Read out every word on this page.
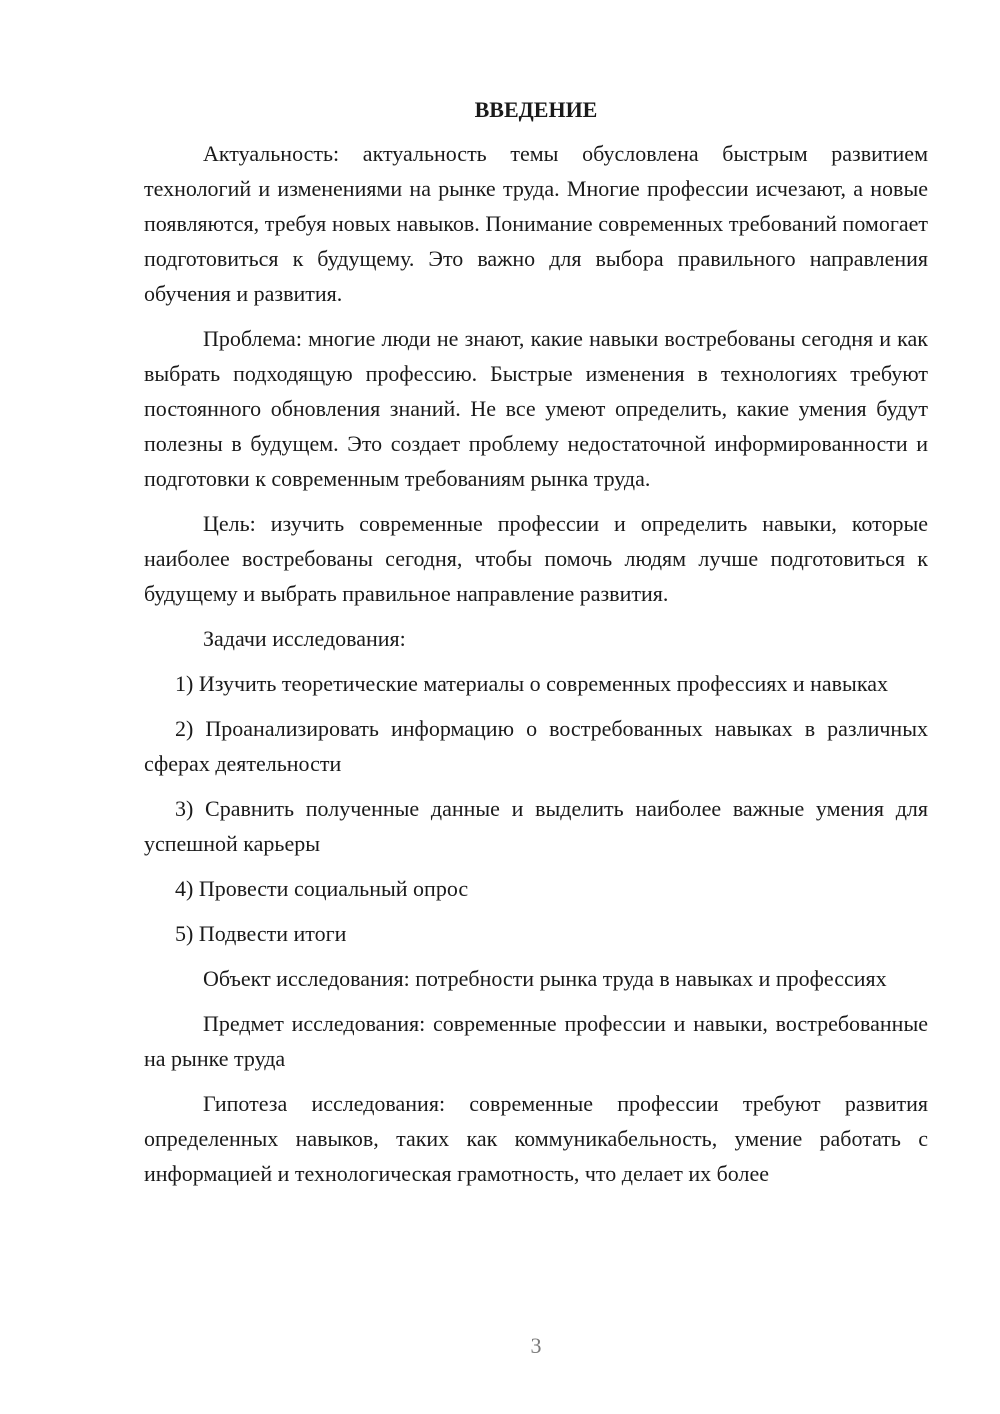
ВВЕДЕНИЕ

Актуальность: актуальность темы обусловлена быстрым развитием технологий и изменениями на рынке труда. Многие профессии исчезают, а новые появляются, требуя новых навыков. Понимание современных требований помогает подготовиться к будущему. Это важно для выбора правильного направления обучения и развития.

Проблема: многие люди не знают, какие навыки востребованы сегодня и как выбрать подходящую профессию. Быстрые изменения в технологиях требуют постоянного обновления знаний. Не все умеют определить, какие умения будут полезны в будущем. Это создает проблему недостаточной информированности и подготовки к современным требованиям рынка труда.

Цель: изучить современные профессии и определить навыки, которые наиболее востребованы сегодня, чтобы помочь людям лучше подготовиться к будущему и выбрать правильное направление развития.

Задачи исследования:

1) Изучить теоретические материалы о современных профессиях и навыках

2) Проанализировать информацию о востребованных навыках в различных сферах деятельности

3) Сравнить полученные данные и выделить наиболее важные умения для успешной карьеры

4) Провести социальный опрос

5) Подвести итоги

Объект исследования: потребности рынка труда в навыках и профессиях

Предмет исследования: современные профессии и навыки, востребованные на рынке труда

Гипотеза исследования: современные профессии требуют развития определенных навыков, таких как коммуникабельность, умение работать с информацией и технологическая грамотность, что делает их более

3
